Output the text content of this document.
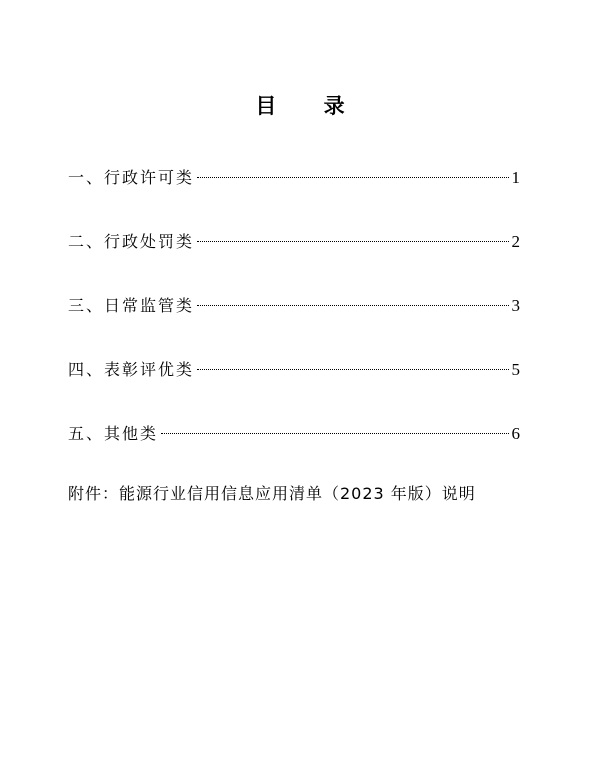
目 录
一、行政许可类	1
二、行政处罚类	2
三、日常监管类	3
四、表彰评优类	5
五、其他类	6
附件：能源行业信用信息应用清单（2023 年版）说明
